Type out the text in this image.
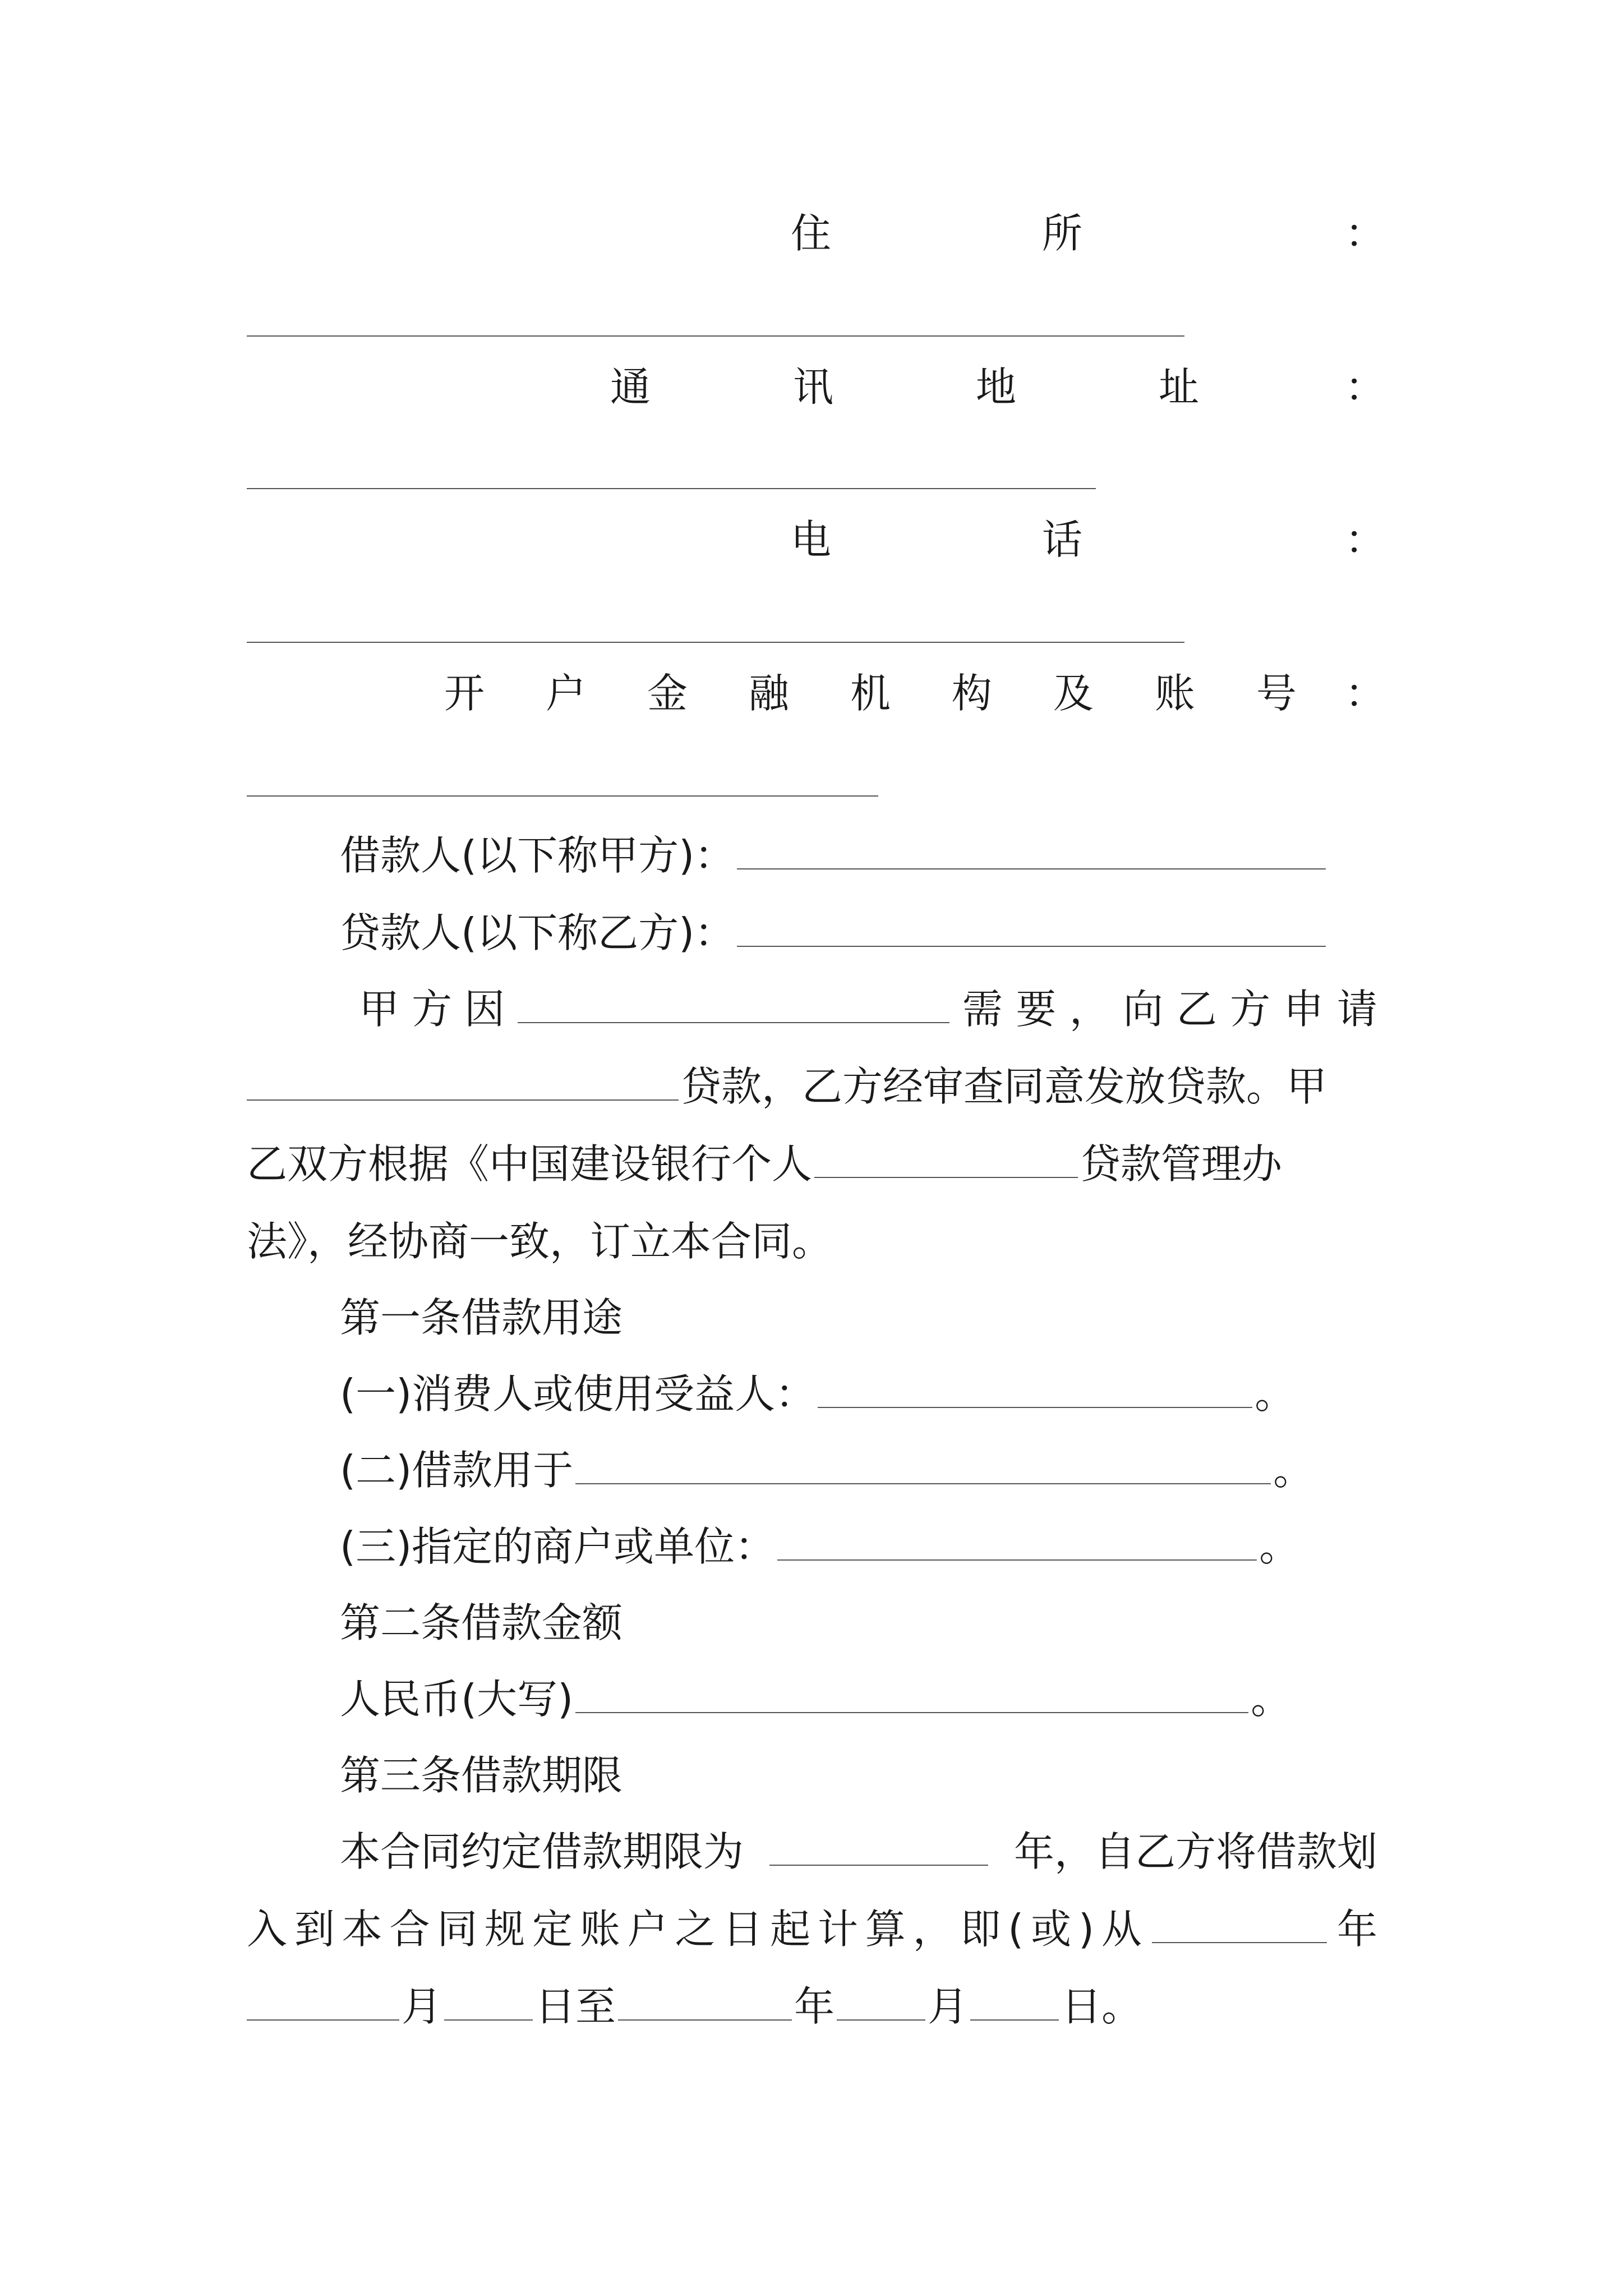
住	所	：
通	讯	地	址	：
电	话	：
开 户 金 融 机 构 及 账 号 ：
借款人(以下称甲方)：
贷款人(以下称乙方)：
甲 方 因	需 要 ， 向 乙 方 申 请
贷款，乙方经审查同意发放贷款。甲
乙双方根据《中国建设银行个人	贷款管理办
法》，经协商一致，订立本合同。
第一条借款用途
(一)消费人或使用受益人：	。
(二)借款用于	。
(三)指定的商户或单位：	。
第二条借款金额
人民币(大写)	。
第三条借款期限
本合同约定借款期限为	年，自乙方将借款划
入 到 本 合 同 规 定 账 户 之 日 起 计 算 ， 即 ( 或 ) 从	年
月 日至	年 月 日。
